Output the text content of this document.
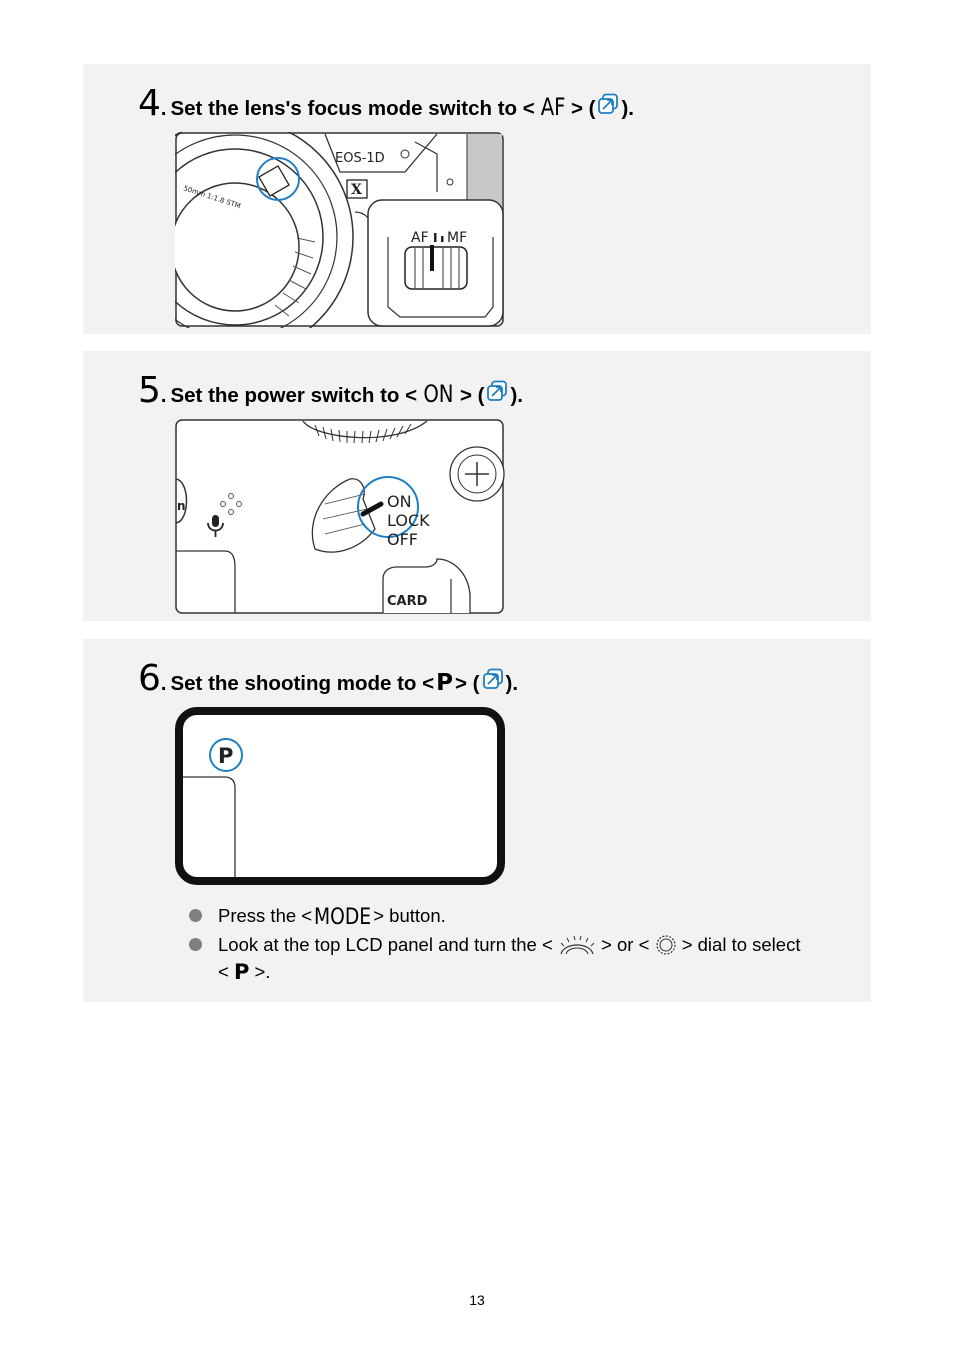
4 . Set the lens's focus mode switch to < AF > ( ).
EOS-1D
X
50mm 1:1.8 STM
AF MF
5 . Set the power switch to < ON > ( ).
n	ON
LOCK
OFF
CARD
6 . Set the shooting mode to < P > ( ).
P
Press the <MODE > button.
Look at the top LCD panel and turn the <	> or < > dial to select
< P >.
13
